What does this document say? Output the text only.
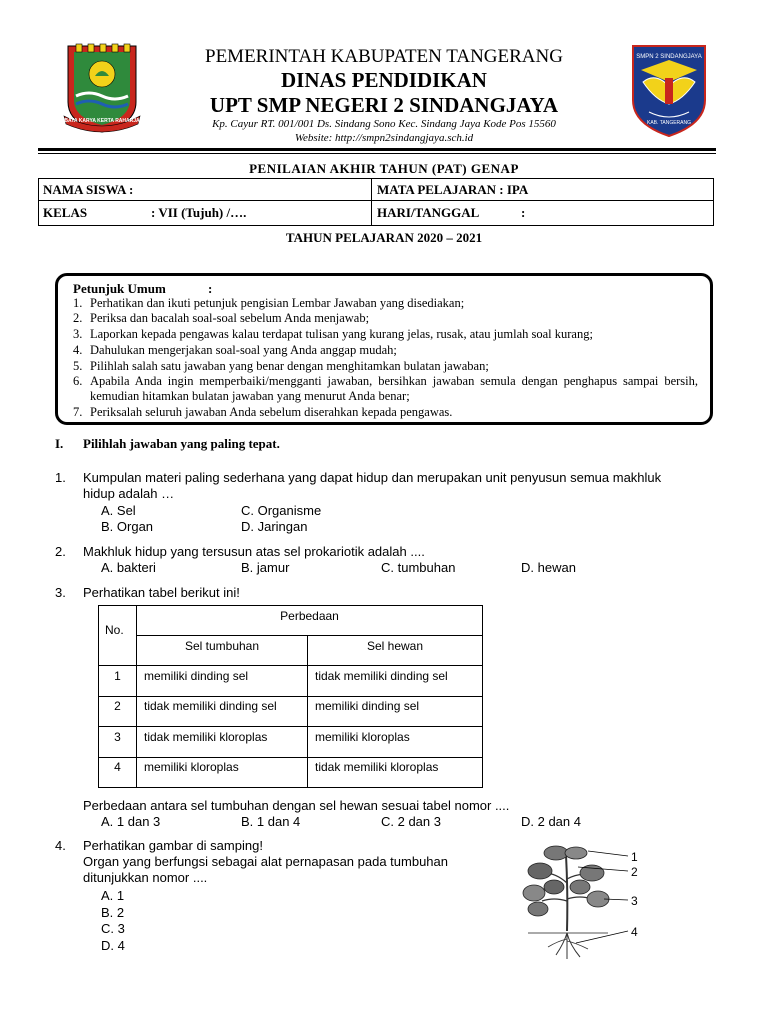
BAYA KARYA KERTA RAHARJA
SMPN 2 SINDANGJAYA
KAB. TANGERANG
PEMERINTAH KABUPATEN TANGERANG
DINAS PENDIDIKAN
UPT SMP NEGERI 2 SINDANGJAYA
Kp. Cayur RT. 001/001 Ds. Sindang Sono Kec. Sindang Jaya Kode Pos 15560
Website: http://smpn2sindangjaya.sch.id
PENILAIAN AKHIR TAHUN (PAT) GENAP
NAMA SISWA :	MATA PELAJARAN : IPA
KELAS	: VII (Tujuh) /….	HARI/TANGGAL	:
TAHUN PELAJARAN 2020 – 2021
Petunjuk Umum	:
1. Perhatikan dan ikuti petunjuk pengisian Lembar Jawaban yang disediakan;
2. Periksa dan bacalah soal-soal sebelum Anda menjawab;
3. Laporkan kepada pengawas kalau terdapat tulisan yang kurang jelas, rusak, atau jumlah soal kurang;
4. Dahulukan mengerjakan soal-soal yang Anda anggap mudah;
5. Pilihlah salah satu jawaban yang benar dengan menghitamkan bulatan jawaban;
6. Apabila Anda ingin memperbaiki/mengganti jawaban, bersihkan jawaban semula dengan penghapus sampai bersih, kemudian hitamkan bulatan jawaban yang menurut Anda benar;
7. Periksalah seluruh jawaban Anda sebelum diserahkan kepada pengawas.
I. Pilihlah jawaban yang paling tepat.
1. Kumpulan materi paling sederhana yang dapat hidup dan merupakan unit penyusun semua makhluk
hidup adalah …
A. Sel	C. Organisme
B. Organ	D. Jaringan
2. Makhluk hidup yang tersusun atas sel prokariotik adalah ....
A. bakteri	B. jamur	C. tumbuhan	D. hewan
3. Perhatikan tabel berikut ini!
No.
Perbedaan
Sel tumbuhan	Sel hewan
1	memiliki dinding sel	tidak memiliki dinding sel
2	tidak memiliki dinding sel	memiliki dinding sel
3	tidak memiliki kloroplas	memiliki kloroplas
4	memiliki kloroplas	tidak memiliki kloroplas
Perbedaan antara sel tumbuhan dengan sel hewan sesuai tabel nomor ....
A. 1 dan 3	B. 1 dan 4	C. 2 dan 3	D. 2 dan 4
4. Perhatikan gambar di samping!
Organ yang berfungsi sebagai alat pernapasan pada tumbuhan
ditunjukkan nomor ....
A. 1
B. 2
C. 3
D. 4
1
2
3
4
